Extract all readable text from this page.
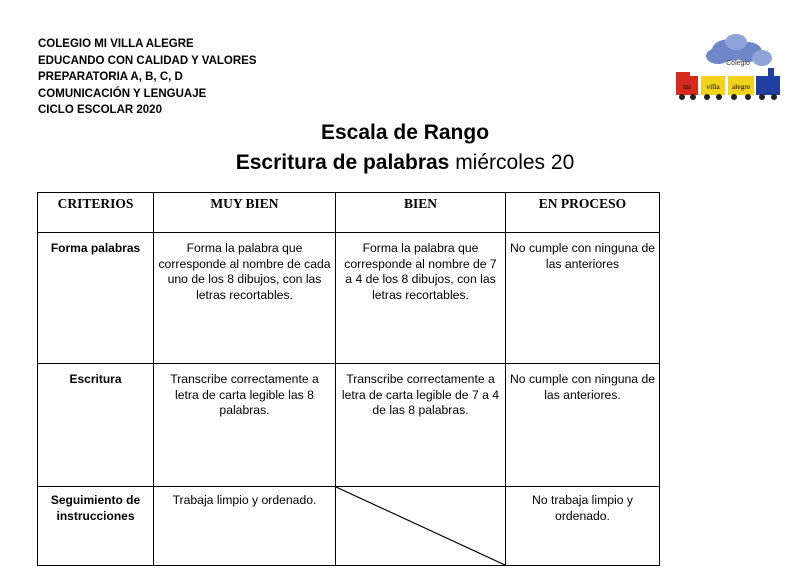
COLEGIO MI VILLA ALEGRE
EDUCANDO CON CALIDAD Y VALORES
PREPARATORIA A, B, C, D
COMUNICACIÓN Y LENGUAJE
CICLO ESCOLAR 2020
Colegio
mi villa alegre
Escala de Rango
Escritura de palabras miércoles 20
CRITERIOS	MUY BIEN	BIEN	EN PROCESO
Forma palabras	Forma la palabra que corresponde al nombre de cada uno de los 8 dibujos, con las letras recortables.	Forma la palabra que corresponde al nombre de 7 a 4 de los 8 dibujos, con las letras recortables.	No cumple con ninguna de las anteriores
Escritura	Transcribe correctamente a letra de carta legible las 8 palabras.	Transcribe correctamente a letra de carta legible de 7 a 4 de las 8 palabras.	No cumple con ninguna de las anteriores.
Seguimiento de instrucciones	Trabaja limpio y ordenado.		No trabaja limpio y ordenado.
